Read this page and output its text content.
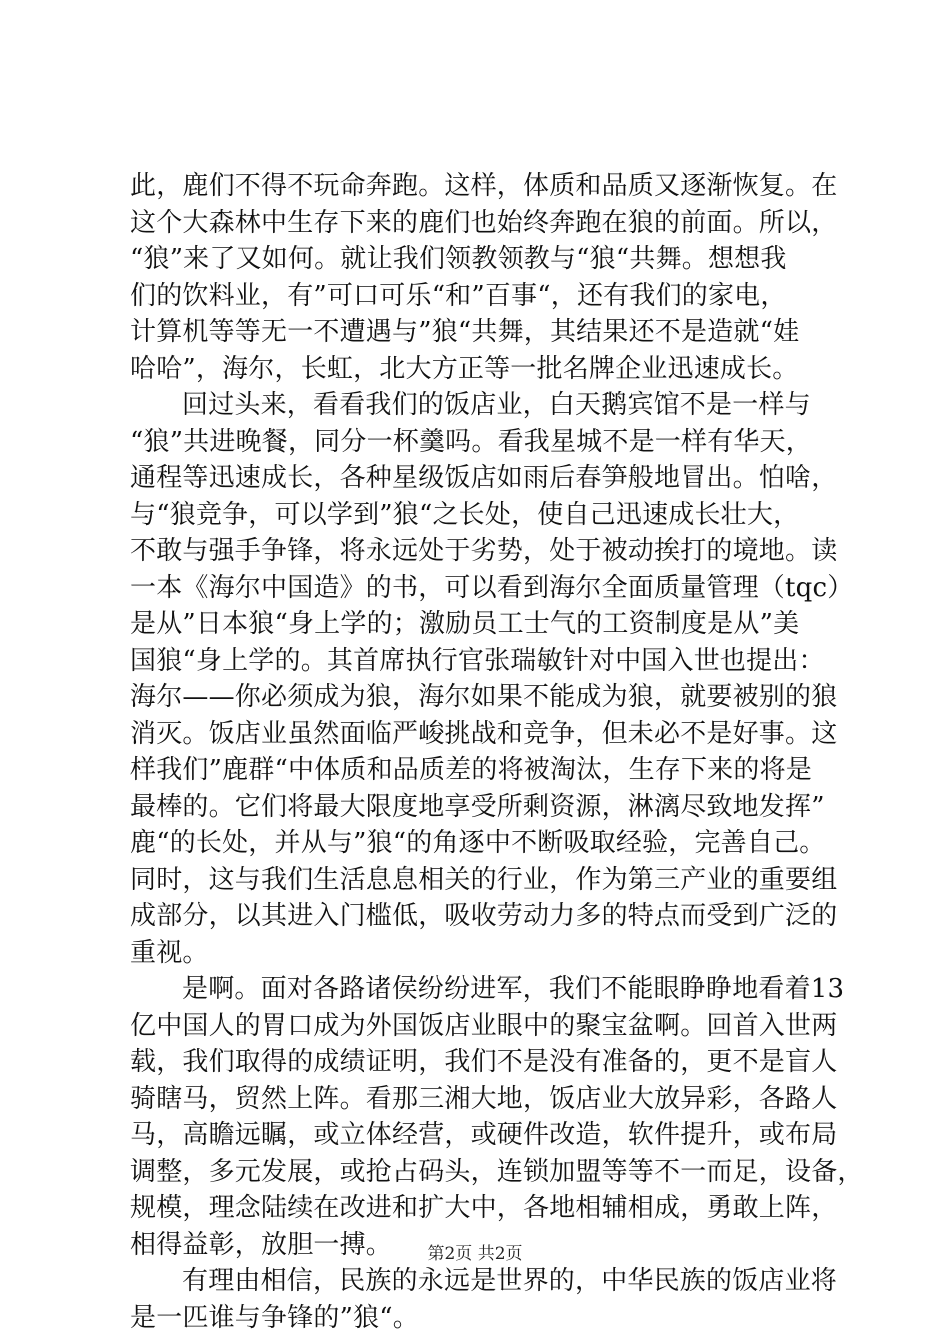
此，鹿们不得不玩命奔跑。这样，体质和品质又逐渐恢复。在
这个大森林中生存下来的鹿们也始终奔跑在狼的前面。所以，
“狼”来了又如何。就让我们领教领教与“狼“共舞。想想我
们的饮料业，有”可口可乐“和”百事“，还有我们的家电，
计算机等等无一不遭遇与”狼“共舞，其结果还不是造就“娃
哈哈”，海尔，长虹，北大方正等一批名牌企业迅速成长。
回过头来，看看我们的饭店业，白天鹅宾馆不是一样与
“狼”共进晚餐，同分一杯羹吗。看我星城不是一样有华天，
通程等迅速成长，各种星级饭店如雨后春笋般地冒出。怕啥，
与“狼竞争，可以学到”狼“之长处，使自己迅速成长壮大，
不敢与强手争锋，将永远处于劣势，处于被动挨打的境地。读
一本《海尔中国造》的书，可以看到海尔全面质量管理（tqc）
是从”日本狼“身上学的；激励员工士气的工资制度是从”美
国狼“身上学的。其首席执行官张瑞敏针对中国入世也提出：
海尔——你必须成为狼，海尔如果不能成为狼，就要被别的狼
消灭。饭店业虽然面临严峻挑战和竞争，但未必不是好事。这
样我们”鹿群“中体质和品质差的将被淘汰，生存下来的将是
最棒的。它们将最大限度地享受所剩资源，淋漓尽致地发挥”
鹿“的长处，并从与”狼“的角逐中不断吸取经验，完善自己。
同时，这与我们生活息息相关的行业，作为第三产业的重要组
成部分，以其进入门槛低，吸收劳动力多的特点而受到广泛的
重视。
是啊。面对各路诸侯纷纷进军，我们不能眼睁睁地看着13
亿中国人的胃口成为外国饭店业眼中的聚宝盆啊。回首入世两
载，我们取得的成绩证明，我们不是没有准备的，更不是盲人
骑瞎马，贸然上阵。看那三湘大地，饭店业大放异彩，各路人
马，高瞻远瞩，或立体经营，或硬件改造，软件提升，或布局
调整，多元发展，或抢占码头，连锁加盟等等不一而足，设备，
规模，理念陆续在改进和扩大中，各地相辅相成，勇敢上阵，
相得益彰，放胆一搏。
有理由相信，民族的永远是世界的，中华民族的饭店业将
是一匹谁与争锋的”狼“。
第2页 共2页
